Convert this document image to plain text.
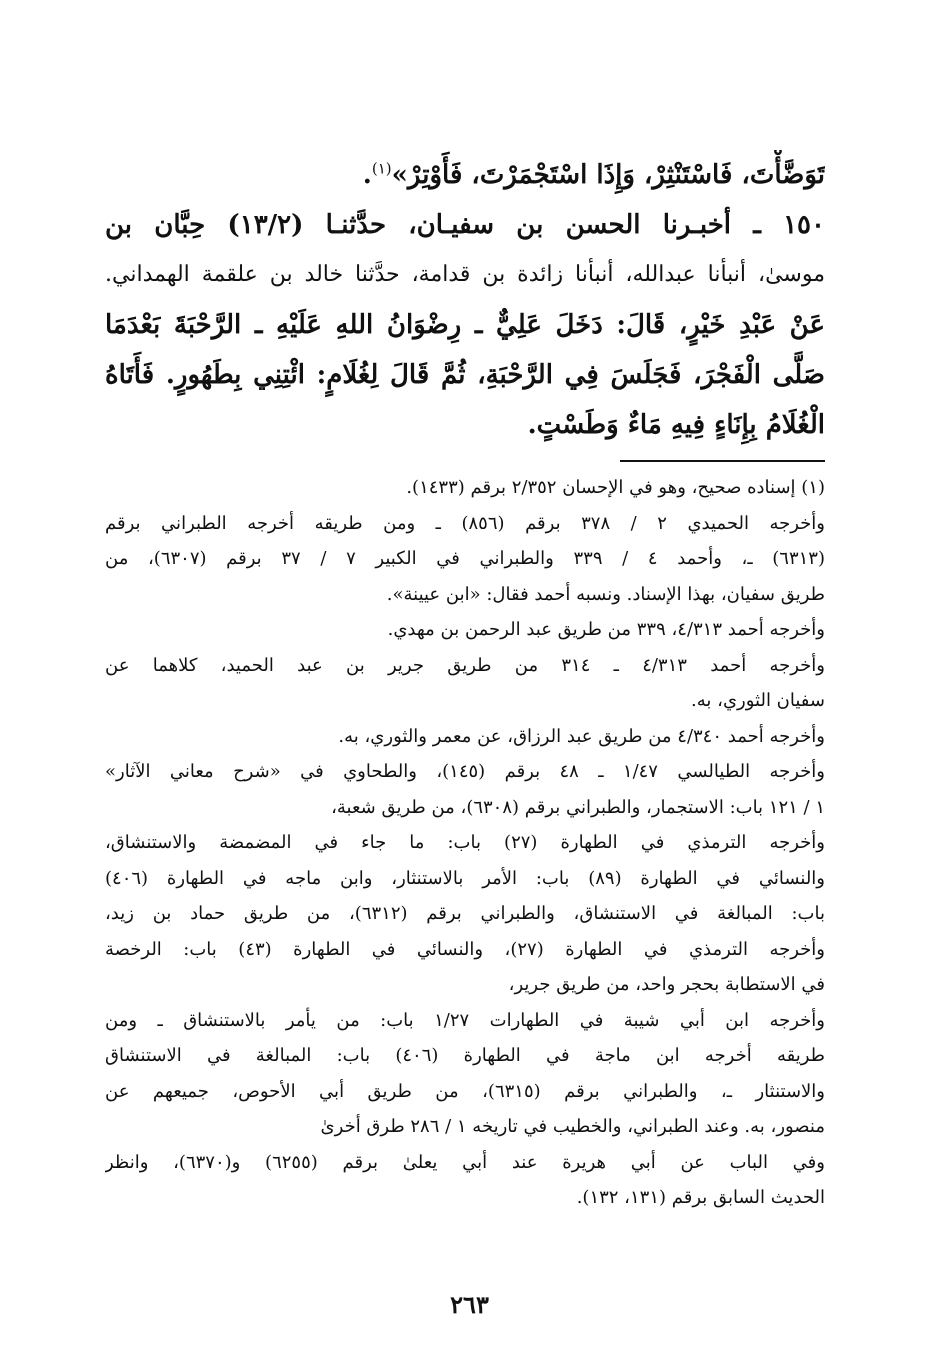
تَوَضَّأْتَ، فَاسْتَنْثِرْ، وَإِذَا اسْتَجْمَرْتَ، فَأَوْتِرْ»$^{(١)}$.
١٥٠ ـ أخبـرنا الحسن بن سفيـان، حدَّثنـا (١٣/٢) حِبَّان بن
موسىٰ، أنبأنا عبدالله، أنبأنا زائدة بن قدامة، حدَّثنا خالد بن علقمة الهمداني.
عَنْ عَبْدِ خَيْرٍ، قَالَ: دَخَلَ عَلِيٌّ ـ رِضْوَانُ اللهِ عَلَيْهِ ـ الرَّحْبَةَ بَعْدَمَا
صَلَّى الْفَجْرَ، فَجَلَسَ فِي الرَّحْبَةِ، ثُمَّ قَالَ لِغُلَامٍ: ائْتِنِي بِطَهُورٍ. فَأَتَاهُ
الْغُلَامُ بِإِنَاءٍ فِيهِ مَاءٌ وَطَسْتٍ.
(١) إسناده صحيح، وهو في الإحسان ٢/٣٥٢ برقم (١٤٣٣).
وأخرجه الحميدي ٢ / ٣٧٨ برقم (٨٥٦) ـ ومن طريقه أخرجه الطبراني برقم
(٦٣١٣) ـ، وأحمد ٤ / ٣٣٩ والطبراني في الكبير ٧ / ٣٧ برقم (٦٣٠٧)، من
طريق سفيان، بهذا الإسناد. ونسبه أحمد فقال: «ابن عيينة».
وأخرجه أحمد ٤/٣١٣، ٣٣٩ من طريق عبد الرحمن بن مهدي.
وأخرجه أحمد ٤/٣١٣ ـ ٣١٤ من طريق جرير بن عبد الحميد، كلاهما عن
سفيان الثوري، به.
وأخرجه أحمد ٤/٣٤٠ من طريق عبد الرزاق، عن معمر والثوري، به.
وأخرجه الطيالسي ١/٤٧ ـ ٤٨ برقم (١٤٥)، والطحاوي في «شرح معاني الآثار»
١ / ١٢١ باب: الاستجمار، والطبراني برقم (٦٣٠٨)، من طريق شعبة،
وأخرجه الترمذي في الطهارة (٢٧) باب: ما جاء في المضمضة والاستنشاق،
والنسائي في الطهارة (٨٩) باب: الأمر بالاستنثار، وابن ماجه في الطهارة (٤٠٦)
باب: المبالغة في الاستنشاق، والطبراني برقم (٦٣١٢)، من طريق حماد بن زيد،
وأخرجه الترمذي في الطهارة (٢٧)، والنسائي في الطهارة (٤٣) باب: الرخصة
في الاستطابة بحجر واحد، من طريق جرير،
وأخرجه ابن أبي شيبة في الطهارات ١/٢٧ باب: من يأمر بالاستنشاق ـ ومن
طريقه أخرجه ابن ماجة في الطهارة (٤٠٦) باب: المبالغة في الاستنشاق
والاستنثار ـ، والطبراني برقم (٦٣١٥)، من طريق أبي الأحوص، جميعهم عن
منصور، به. وعند الطبراني، والخطيب في تاريخه ١ / ٢٨٦ طرق أخرىٰ
وفي الباب عن أبي هريرة عند أبي يعلىٰ برقم (٦٢٥٥) و(٦٣٧٠)، وانظر
الحديث السابق برقم (١٣١، ١٣٢).
٢٦٣
